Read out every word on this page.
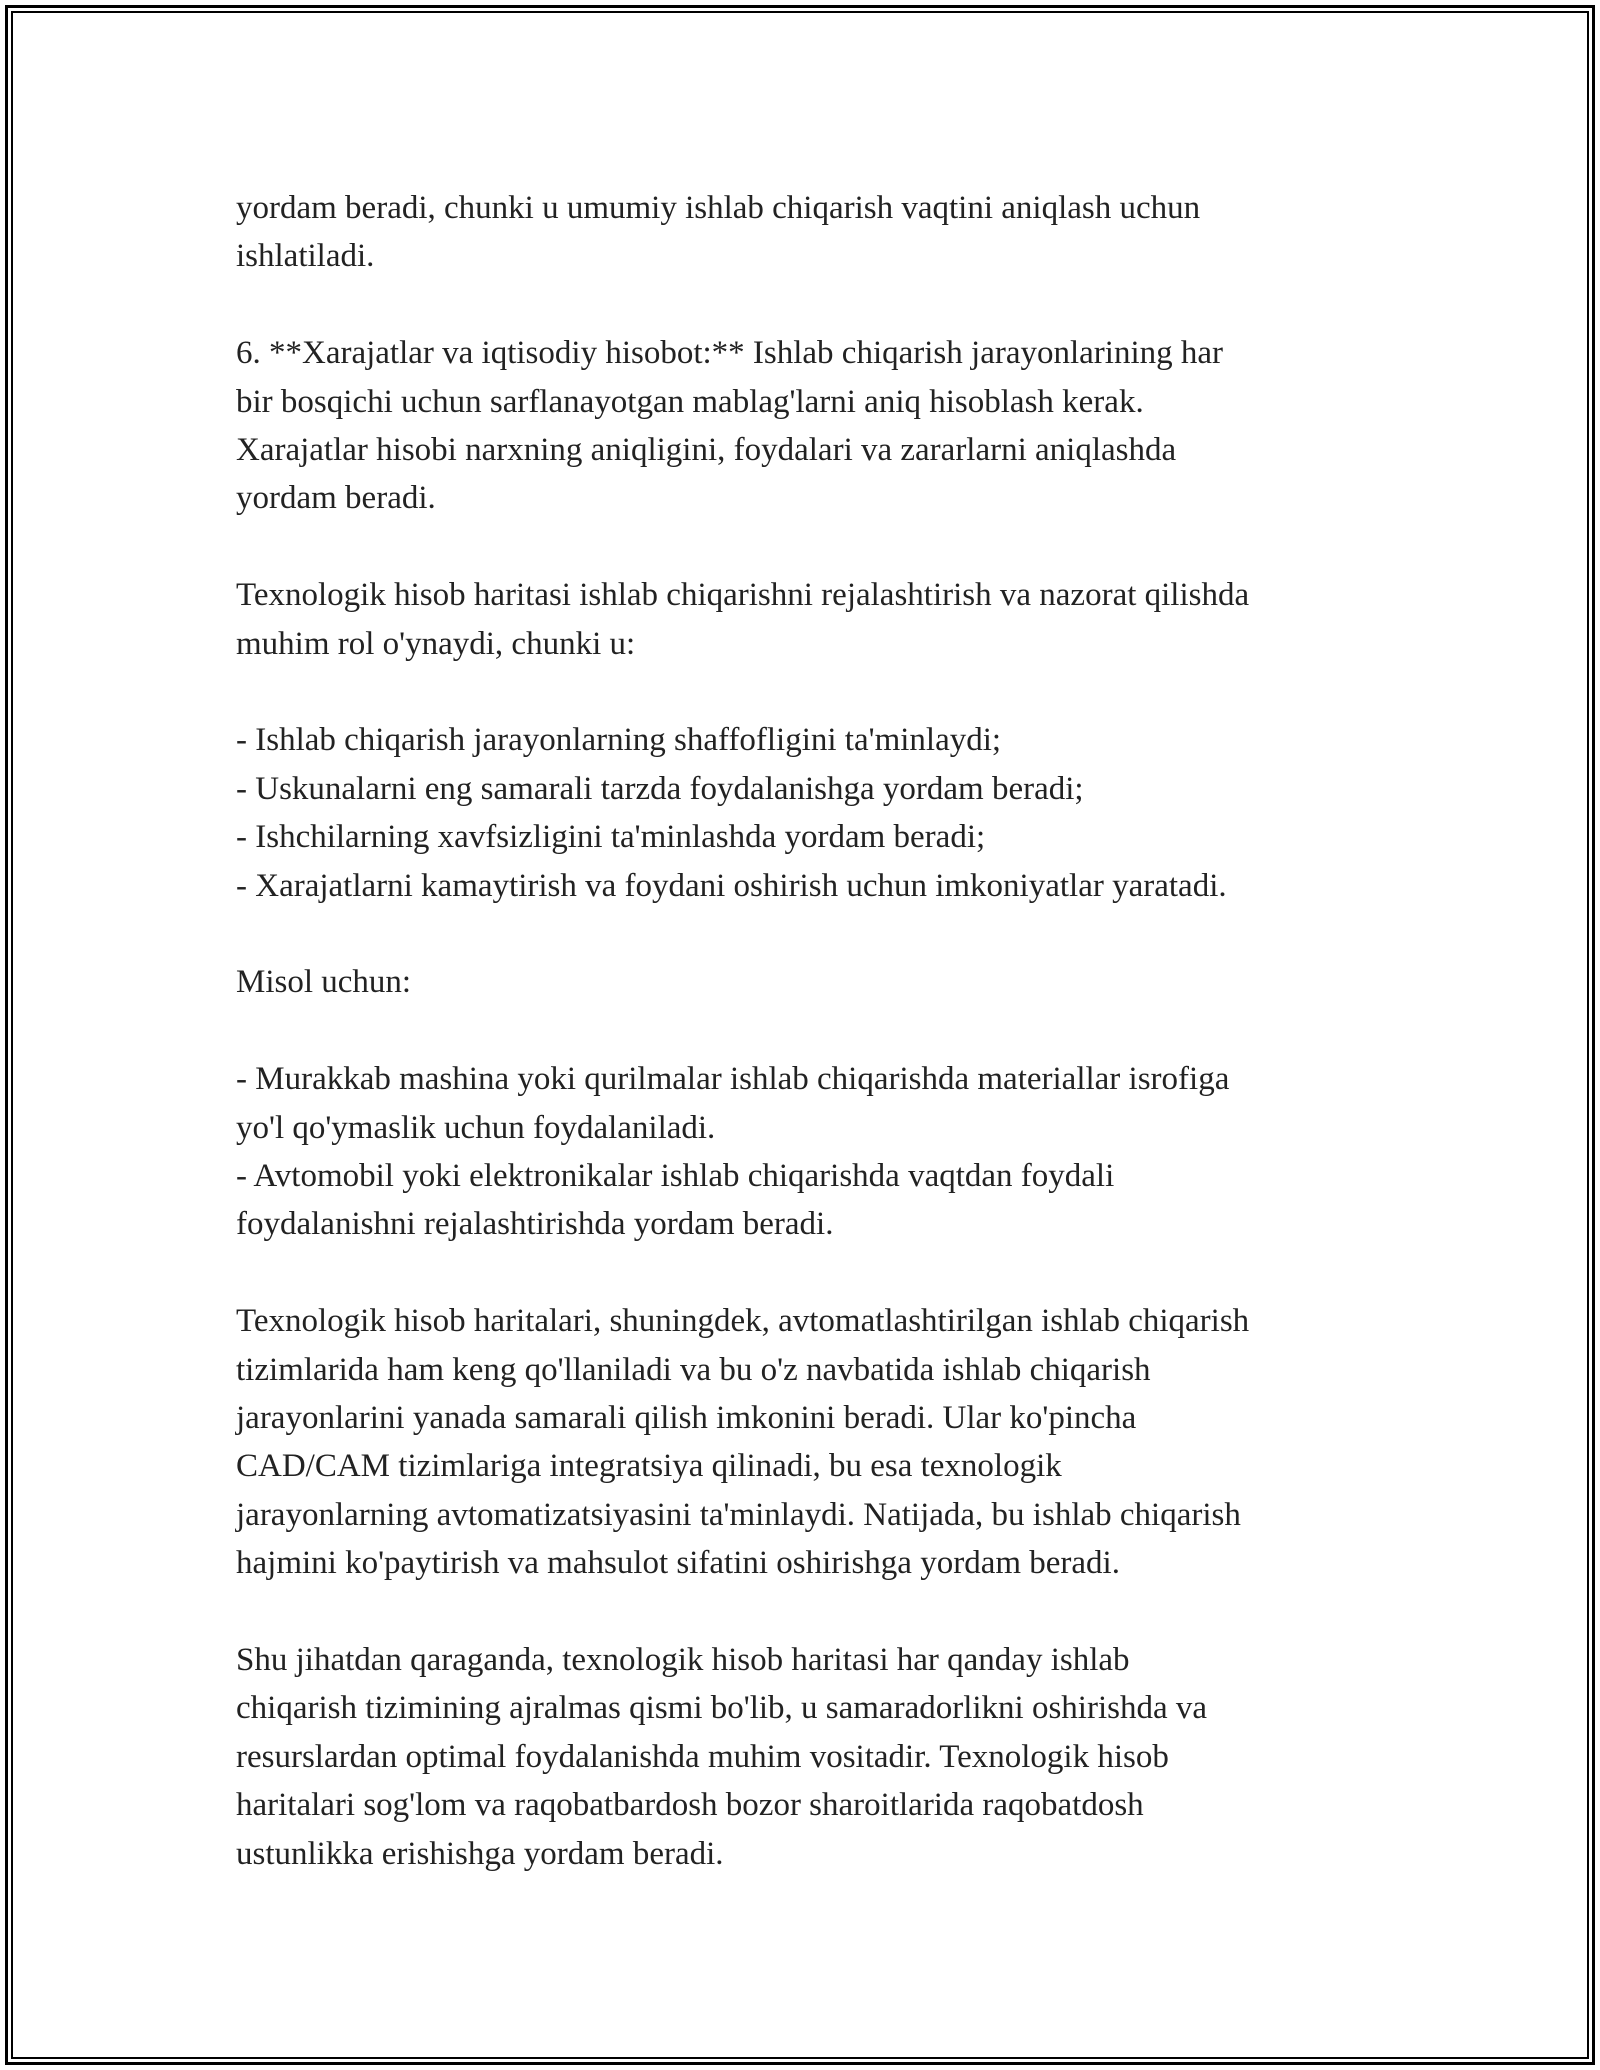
yordam beradi, chunki u umumiy ishlab chiqarish vaqtini aniqlash uchun
ishlatiladi.

6. **Xarajatlar va iqtisodiy hisobot:** Ishlab chiqarish jarayonlarining har
bir bosqichi uchun sarflanayotgan mablag'larni aniq hisoblash kerak.
Xarajatlar hisobi narxning aniqligini, foydalari va zararlarni aniqlashda
yordam beradi.

Texnologik hisob haritasi ishlab chiqarishni rejalashtirish va nazorat qilishda
muhim rol o'ynaydi, chunki u:

- Ishlab chiqarish jarayonlarning shaffofligini ta'minlaydi;
- Uskunalarni eng samarali tarzda foydalanishga yordam beradi;
- Ishchilarning xavfsizligini ta'minlashda yordam beradi;
- Xarajatlarni kamaytirish va foydani oshirish uchun imkoniyatlar yaratadi.

Misol uchun:

- Murakkab mashina yoki qurilmalar ishlab chiqarishda materiallar isrofiga
yo'l qo'ymaslik uchun foydalaniladi.
- Avtomobil yoki elektronikalar ishlab chiqarishda vaqtdan foydali
foydalanishni rejalashtirishda yordam beradi.

Texnologik hisob haritalari, shuningdek, avtomatlashtirilgan ishlab chiqarish
tizimlarida ham keng qo'llaniladi va bu o'z navbatida ishlab chiqarish
jarayonlarini yanada samarali qilish imkonini beradi. Ular ko'pincha
CAD/CAM tizimlariga integratsiya qilinadi, bu esa texnologik
jarayonlarning avtomatizatsiyasini ta'minlaydi. Natijada, bu ishlab chiqarish
hajmini ko'paytirish va mahsulot sifatini oshirishga yordam beradi.

Shu jihatdan qaraganda, texnologik hisob haritasi har qanday ishlab
chiqarish tizimining ajralmas qismi bo'lib, u samaradorlikni oshirishda va
resurslardan optimal foydalanishda muhim vositadir. Texnologik hisob
haritalari sog'lom va raqobatbardosh bozor sharoitlarida raqobatdosh
ustunlikka erishishga yordam beradi.
